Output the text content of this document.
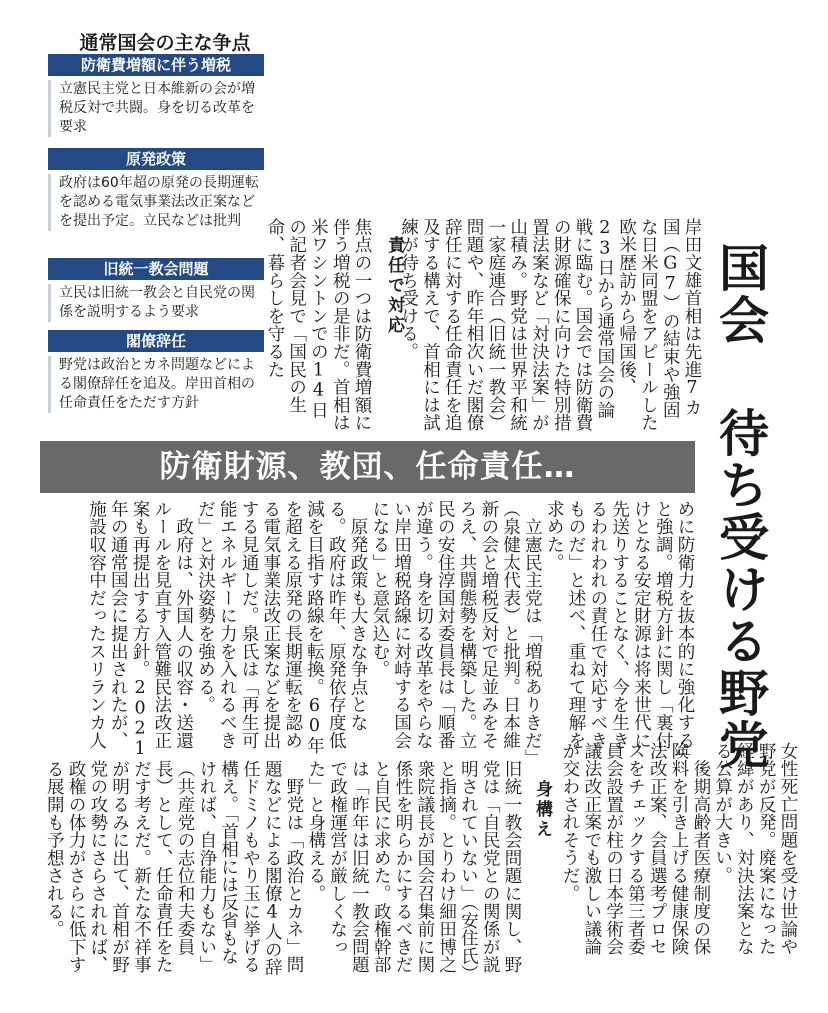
通常国会の主な争点
防衛費増額に伴う増税
立憲民主党と日本維新の会が増税反対で共闘。身を切る改革を要求
原発政策
政府は60年超の原発の長期運転を認める電気事業法改正案などを提出予定。立民などは批判
旧統一教会問題
立民は旧統一教会と自民党の関係を説明するよう要求
閣僚辞任
野党は政治とカネ問題などによる閣僚辞任を追及。岸田首相の任命責任をただす方針	国会 待ち受ける野党
岸田文雄首相は先進7カ国（G7）の結束や強固な日米同盟をアピールした欧米歴訪から帰国後、23日から通常国会の論戦に臨む。国会では防衛費の財源確保に向けた特別措置法案など「対決法案」が山積み。野党は世界平和統一家庭連合（旧統一教会）問題や、昨年相次いだ閣僚辞任に対する任命責任を追及する構えで、首相には試練が待ち受ける。
責任で対応
焦点の一つは防衛費増額に伴う増税の是非だ。首相は米ワシントンでの14日の記者会見で「国民の生命、暮らしを守るた
防衛財源、教団、任命責任…
めに防衛力を抜本的に強化する」と強調。増税方針に関し「裏付けとなる安定財源は将来世代に先送りすることなく、今を生きるわれわれの責任で対応すべきものだ」と述べ、重ねて理解を求めた。
　立憲民主党は「増税ありきだ」（泉健太代表）と批判。日本維新の会と増税反対で足並みをそろえ、共闘態勢を構築した。立民の安住淳国対委員長は「順番が違う。身を切る改革をやらない岸田増税路線に対峙する国会になる」と意気込む。
　原発政策も大きな争点となる。政府は昨年、原発依存度低減を目指す路線を転換。60年を超える原発の長期運転を認める電気事業法改正案などを提出する見通しだ。泉氏は「再生可能エネルギーに力を入れるべきだ」と対決姿勢を強める。
　政府は、外国人の収容・送還ルールを見直す入管難民法改正案も再提出する方針。2021年の通常国会に提出されたが、施設収容中だったスリランカ人
女性死亡問題を受け世論や野党が反発。廃案になった経緯があり、対決法案となる公算が大きい。
　後期高齢者医療制度の保険料を引き上げる健康保険法改正案、会員選考プロセスをチェックする第三者委員会設置が柱の日本学術会議法改正案でも激しい議論が交わされそうだ。
身構え
旧統一教会問題に関し、野党は「自民党との関係が説明されていない」（安住氏）と指摘。とりわけ細田博之衆院議長が国会召集前に関係性を明らかにするべきだと自民に求めた。政権幹部は「昨年は旧統一教会問題で政権運営が厳しくなった」と身構える。
　野党は「政治とカネ」問題などによる閣僚4人の辞任ドミノもやり玉に挙げる構え。「首相には反省もなければ、自浄能力もない」（共産党の志位和夫委員長）として、任命責任をただす考えだ。新たな不祥事が明るみに出て、首相が野党の攻勢にさらされれば、政権の体力がさらに低下する展開も予想される。
